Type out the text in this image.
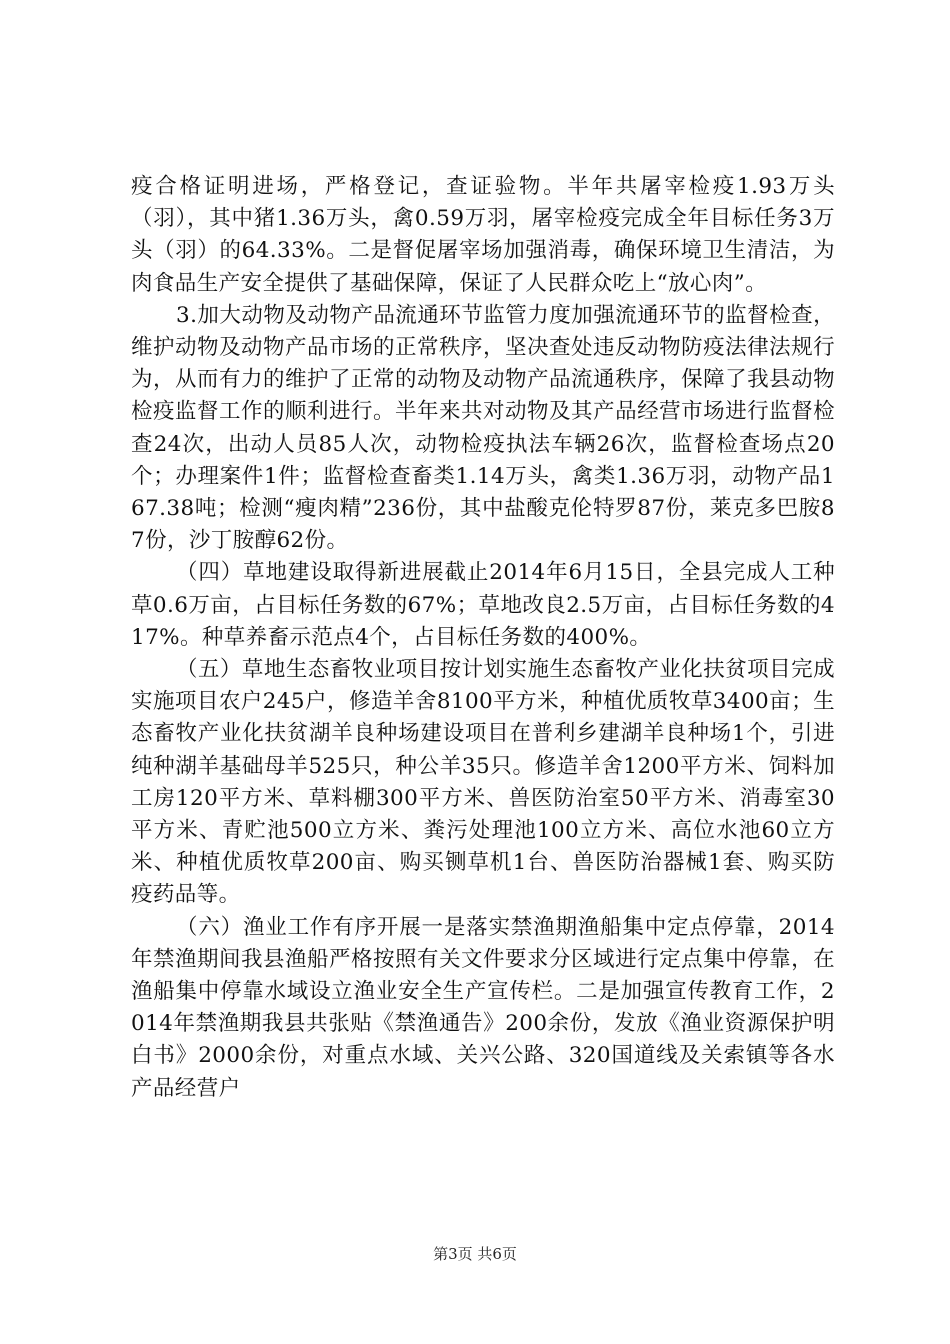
疫合格证明进场，严格登记，查证验物。半年共屠宰检疫1.93万头（羽），其中猪1.36万头，禽0.59万羽，屠宰检疫完成全年目标任务3万头（羽）的64.33%。二是督促屠宰场加强消毒，确保环境卫生清洁，为肉食品生产安全提供了基础保障，保证了人民群众吃上“放心肉”。

3.加大动物及动物产品流通环节监管力度加强流通环节的监督检查，维护动物及动物产品市场的正常秩序，坚决查处违反动物防疫法律法规行为，从而有力的维护了正常的动物及动物产品流通秩序，保障了我县动物检疫监督工作的顺利进行。半年来共对动物及其产品经营市场进行监督检查24次，出动人员85人次，动物检疫执法车辆26次，监督检查场点20个；办理案件1件；监督检查畜类1.14万头，禽类1.36万羽，动物产品167.38吨；检测“瘦肉精”236份，其中盐酸克伦特罗87份，莱克多巴胺87份，沙丁胺醇62份。

（四）草地建设取得新进展截止2014年6月15日，全县完成人工种草0.6万亩，占目标任务数的67%；草地改良2.5万亩，占目标任务数的417%。种草养畜示范点4个，占目标任务数的400%。

（五）草地生态畜牧业项目按计划实施生态畜牧产业化扶贫项目完成实施项目农户245户，修造羊舍8100平方米，种植优质牧草3400亩；生态畜牧产业化扶贫湖羊良种场建设项目在普利乡建湖羊良种场1个，引进纯种湖羊基础母羊525只，种公羊35只。修造羊舍1200平方米、饲料加工房120平方米、草料棚300平方米、兽医防治室50平方米、消毒室30平方米、青贮池500立方米、粪污处理池100立方米、高位水池60立方米、种植优质牧草200亩、购买铡草机1台、兽医防治器械1套、购买防疫药品等。

（六）渔业工作有序开展一是落实禁渔期渔船集中定点停靠，2014年禁渔期间我县渔船严格按照有关文件要求分区域进行定点集中停靠，在渔船集中停靠水域设立渔业安全生产宣传栏。二是加强宣传教育工作，2014年禁渔期我县共张贴《禁渔通告》200余份，发放《渔业资源保护明白书》2000余份，对重点水域、关兴公路、320国道线及关索镇等各水产品经营户

第3页 共6页
